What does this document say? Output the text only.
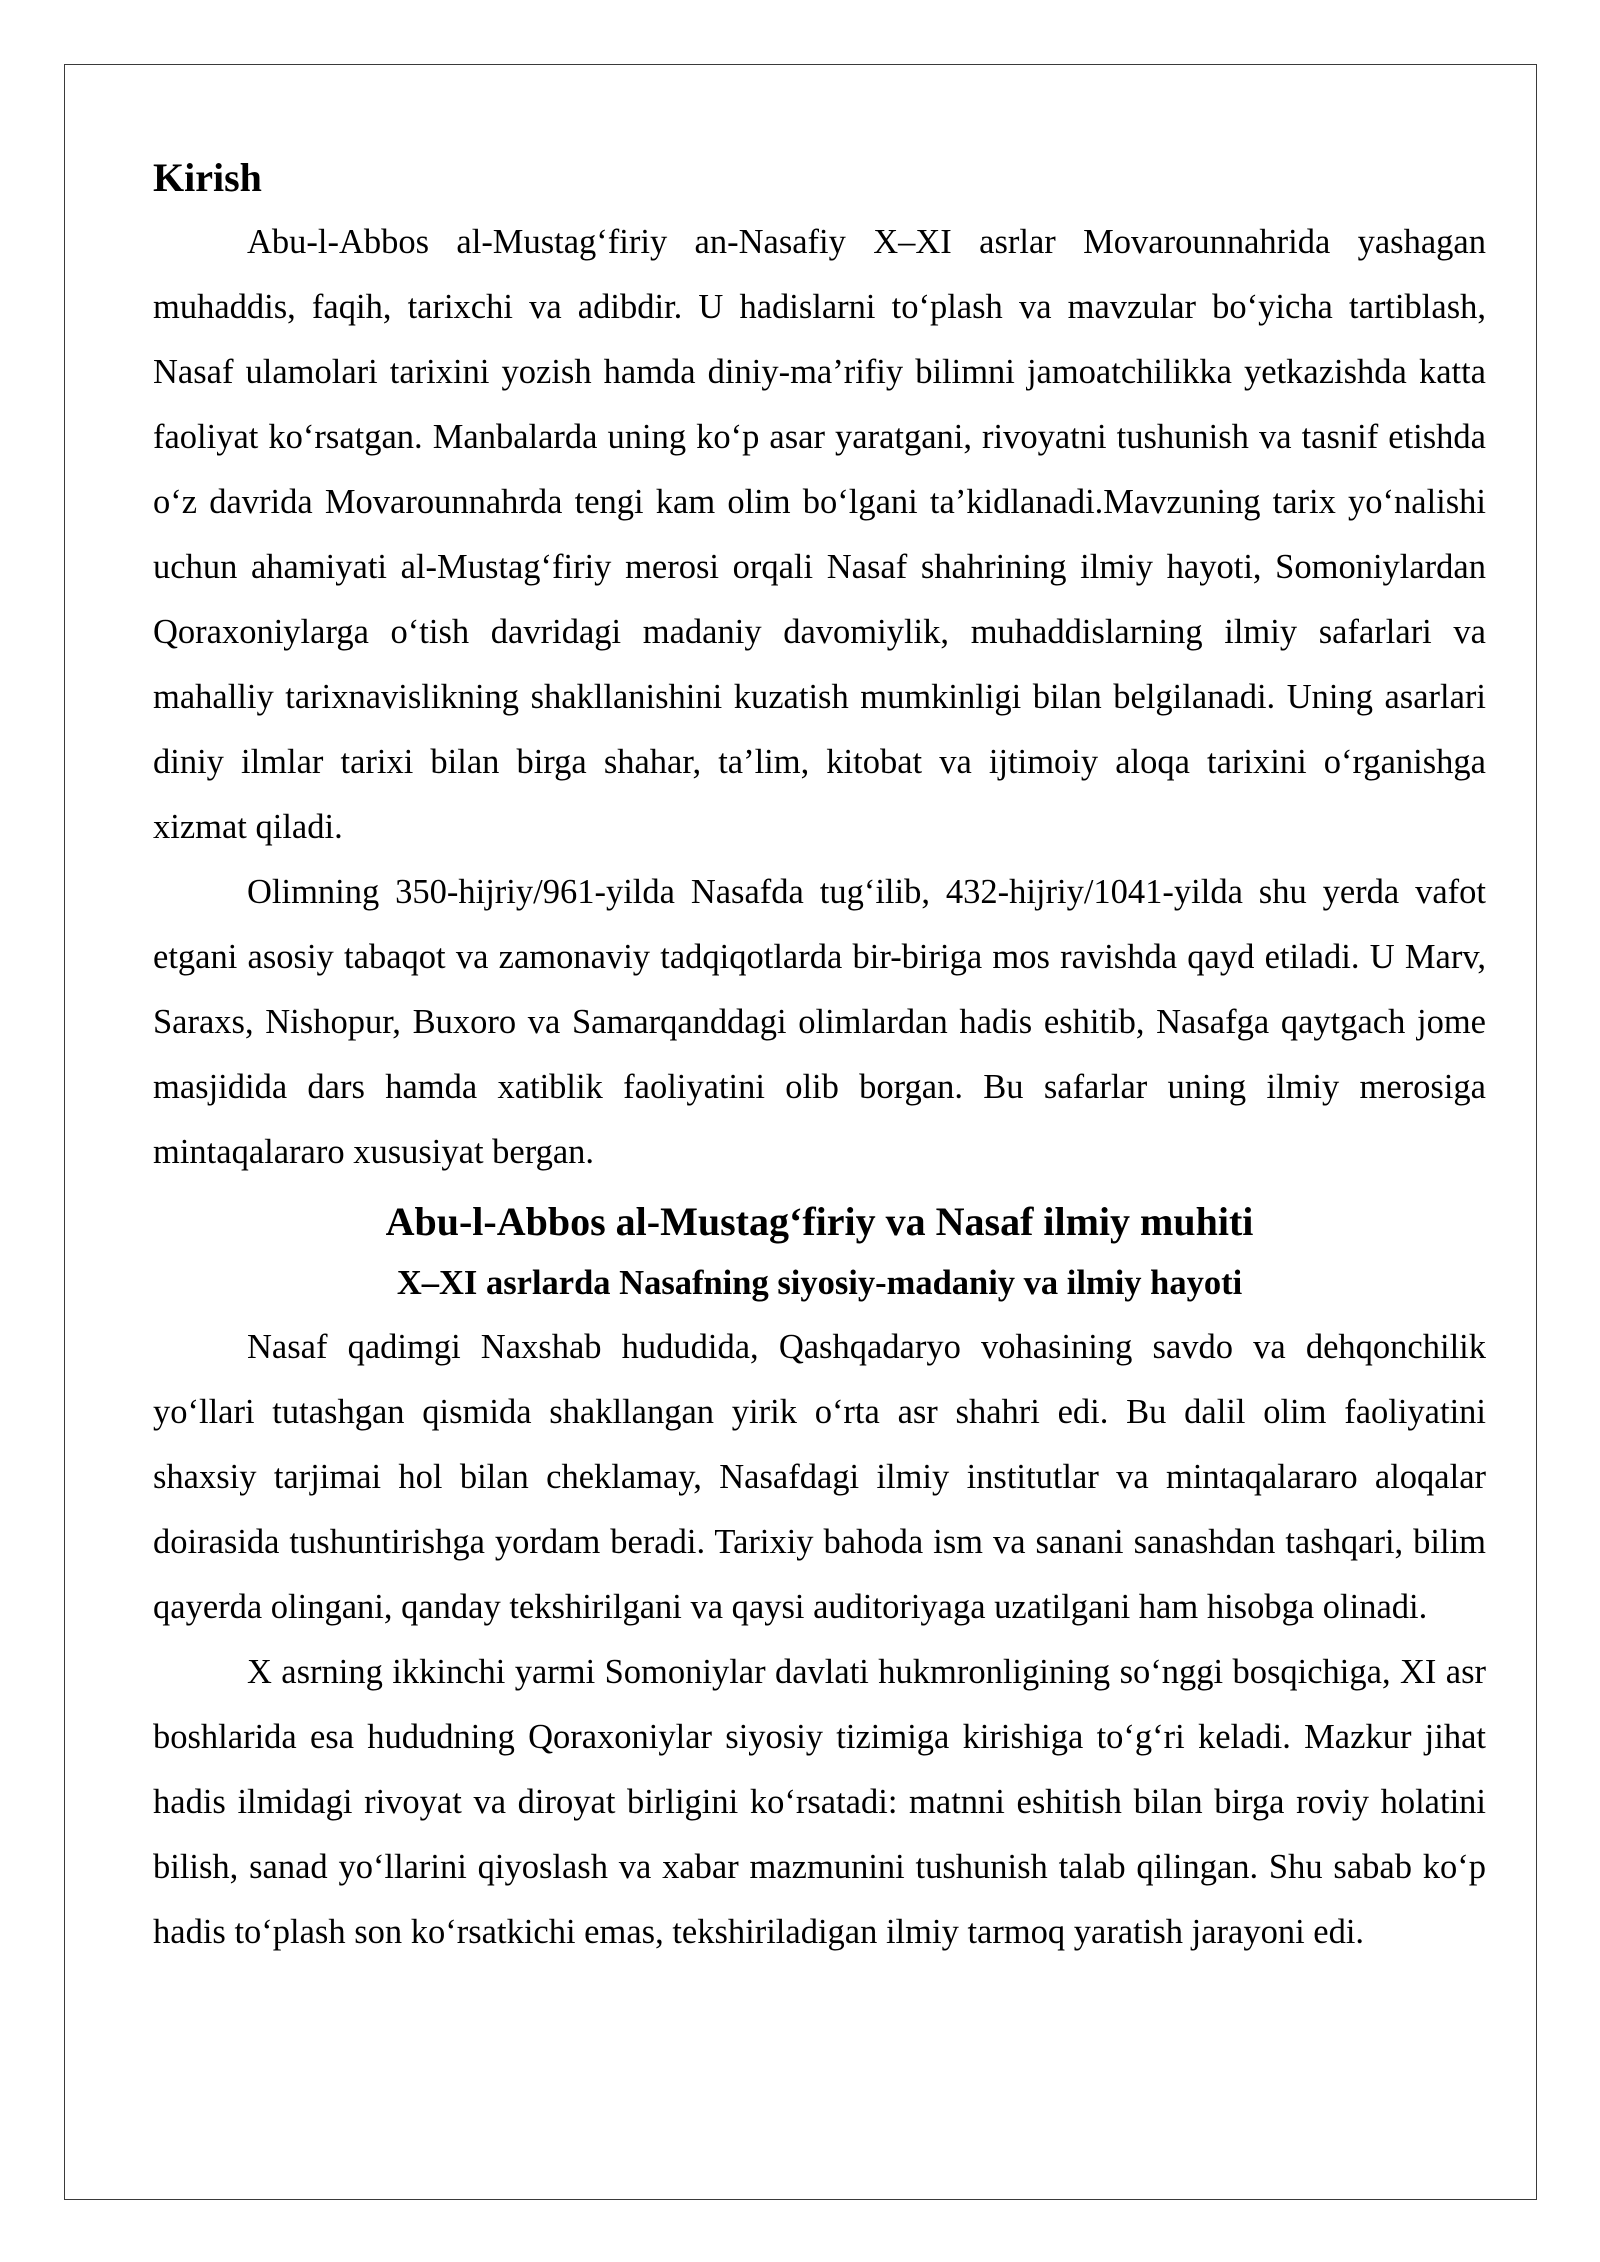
Kirish

Abu-l-Abbos al-Mustag‘firiy an-Nasafiy X–XI asrlar Movarounnahrida yashagan muhaddis, faqih, tarixchi va adibdir. U hadislarni to‘plash va mavzular bo‘yicha tartiblash, Nasaf ulamolari tarixini yozish hamda diniy-ma’rifiy bilimni jamoatchilikka yetkazishda katta faoliyat ko‘rsatgan. Manbalarda uning ko‘p asar yaratgani, rivoyatni tushunish va tasnif etishda o‘z davrida Movarounnahrda tengi kam olim bo‘lgani ta’kidlanadi.Mavzuning tarix yo‘nalishi uchun ahamiyati al-Mustag‘firiy merosi orqali Nasaf shahrining ilmiy hayoti, Somoniylardan Qoraxoniylarga o‘tish davridagi madaniy davomiylik, muhaddislarning ilmiy safarlari va mahalliy tarixnavislikning shakllanishini kuzatish mumkinligi bilan belgilanadi. Uning asarlari diniy ilmlar tarixi bilan birga shahar, ta’lim, kitobat va ijtimoiy aloqa tarixini o‘rganishga xizmat qiladi.

Olimning 350-hijriy/961-yilda Nasafda tug‘ilib, 432-hijriy/1041-yilda shu yerda vafot etgani asosiy tabaqot va zamonaviy tadqiqotlarda bir-biriga mos ravishda qayd etiladi. U Marv, Saraxs, Nishopur, Buxoro va Samarqanddagi olimlardan hadis eshitib, Nasafga qaytgach jome masjidida dars hamda xatiblik faoliyatini olib borgan. Bu safarlar uning ilmiy merosiga mintaqalararo xususiyat bergan.

Abu-l-Abbos al-Mustag‘firiy va Nasaf ilmiy muhiti
X–XI asrlarda Nasafning siyosiy-madaniy va ilmiy hayoti

Nasaf qadimgi Naxshab hududida, Qashqadaryo vohasining savdo va dehqonchilik yo‘llari tutashgan qismida shakllangan yirik o‘rta asr shahri edi. Bu dalil olim faoliyatini shaxsiy tarjimai hol bilan cheklamay, Nasafdagi ilmiy institutlar va mintaqalararo aloqalar doirasida tushuntirishga yordam beradi. Tarixiy bahoda ism va sanani sanashdan tashqari, bilim qayerda olingani, qanday tekshirilgani va qaysi auditoriyaga uzatilgani ham hisobga olinadi.

X asrning ikkinchi yarmi Somoniylar davlati hukmronligining so‘nggi bosqichiga, XI asr boshlarida esa hududning Qoraxoniylar siyosiy tizimiga kirishiga to‘g‘ri keladi. Mazkur jihat hadis ilmidagi rivoyat va diroyat birligini ko‘rsatadi: matnni eshitish bilan birga roviy holatini bilish, sanad yo‘llarini qiyoslash va xabar mazmunini tushunish talab qilingan. Shu sabab ko‘p hadis to‘plash son ko‘rsatkichi emas, tekshiriladigan ilmiy tarmoq yaratish jarayoni edi.
